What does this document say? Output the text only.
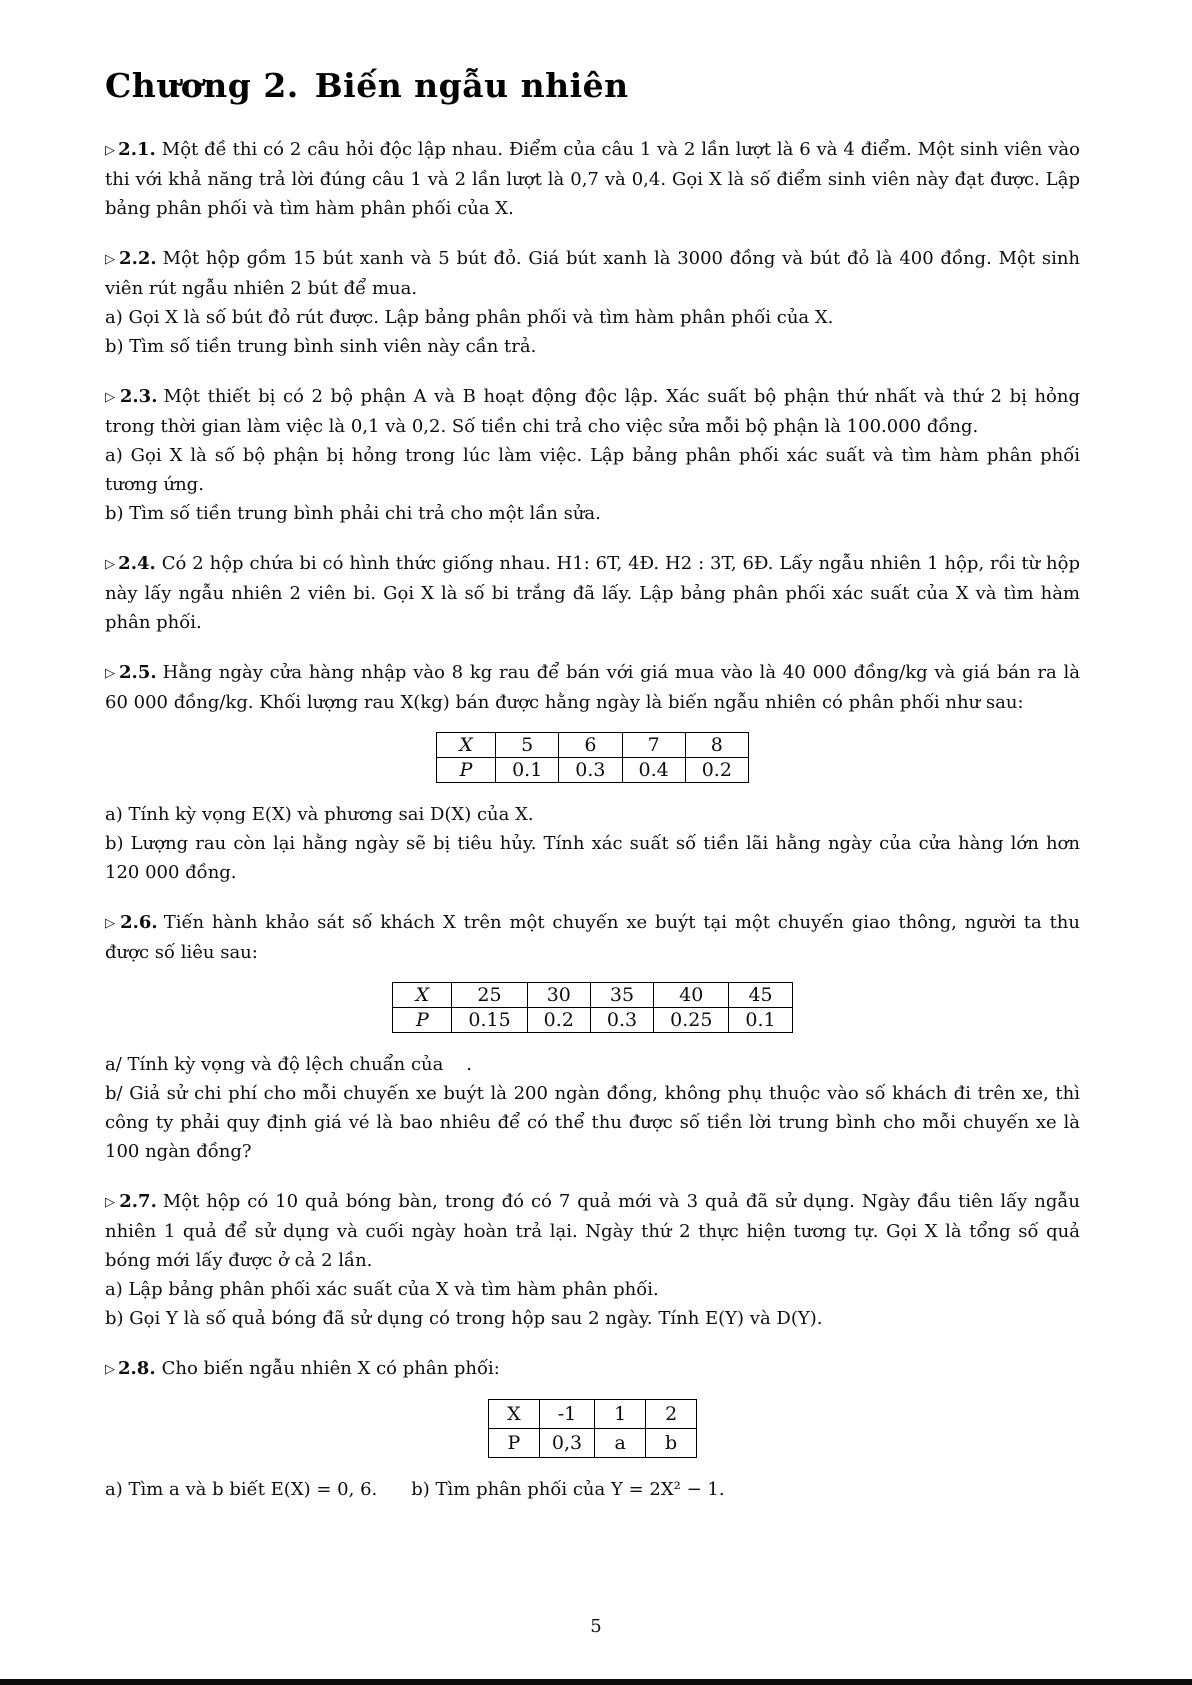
Chương 2. Biến ngẫu nhiên

▷ 2.1. Một đề thi có 2 câu hỏi độc lập nhau. Điểm của câu 1 và 2 lần lượt là 6 và 4 điểm. Một sinh viên vào thi với khả năng trả lời đúng câu 1 và 2 lần lượt là 0,7 và 0,4. Gọi X là số điểm sinh viên này đạt được. Lập bảng phân phối và tìm hàm phân phối của X.

▷ 2.2. Một hộp gồm 15 bút xanh và 5 bút đỏ. Giá bút xanh là 3000 đồng và bút đỏ là 400 đồng. Một sinh viên rút ngẫu nhiên 2 bút để mua.

a) Gọi X là số bút đỏ rút được. Lập bảng phân phối và tìm hàm phân phối của X.
b) Tìm số tiền trung bình sinh viên này cần trả.

▷ 2.3. Một thiết bị có 2 bộ phận A và B hoạt động độc lập. Xác suất bộ phận thứ nhất và thứ 2 bị hỏng trong thời gian làm việc là 0,1 và 0,2. Số tiền chi trả cho việc sửa mỗi bộ phận là 100.000 đồng.

a) Gọi X là số bộ phận bị hỏng trong lúc làm việc. Lập bảng phân phối xác suất và tìm hàm phân phối tương ứng.
b) Tìm số tiền trung bình phải chi trả cho một lần sửa.

▷ 2.4. Có 2 hộp chứa bi có hình thức giống nhau. H1: 6T, 4Đ. H2 : 3T, 6Đ. Lấy ngẫu nhiên 1 hộp, rồi từ hộp này lấy ngẫu nhiên 2 viên bi. Gọi X là số bi trắng đã lấy. Lập bảng phân phối xác suất của X và tìm hàm phân phối.

▷ 2.5. Hằng ngày cửa hàng nhập vào 8 kg rau để bán với giá mua vào là 40 000 đồng/kg và giá bán ra là 60 000 đồng/kg. Khối lượng rau X(kg) bán được hằng ngày là biến ngẫu nhiên có phân phối như sau:

X	5	6	7	8
P	0.1	0.3	0.4	0.2
a) Tính kỳ vọng E(X) và phương sai D(X) của X.
b) Lượng rau còn lại hằng ngày sẽ bị tiêu hủy. Tính xác suất số tiền lãi hằng ngày của cửa hàng lớn hơn 120 000 đồng.

▷ 2.6. Tiến hành khảo sát số khách X trên một chuyến xe buýt tại một chuyến giao thông, người ta thu được số liêu sau:

X	25	30	35	40	45
P	0.15	0.2	0.3	0.25	0.1
a/ Tính kỳ vọng và độ lệch chuẩn của    .
b/ Giả sử chi phí cho mỗi chuyến xe buýt là 200 ngàn đồng, không phụ thuộc vào số khách đi trên xe, thì công ty phải quy định giá vé là bao nhiêu để có thể thu được số tiền lời trung bình cho mỗi chuyến xe là 100 ngàn đồng?

▷ 2.7. Một hộp có 10 quả bóng bàn, trong đó có 7 quả mới và 3 quả đã sử dụng. Ngày đầu tiên lấy ngẫu nhiên 1 quả để sử dụng và cuối ngày hoàn trả lại. Ngày thứ 2 thực hiện tương tự. Gọi X là tổng số quả bóng mới lấy được ở cả 2 lần.

a) Lập bảng phân phối xác suất của X và tìm hàm phân phối.
b) Gọi Y là số quả bóng đã sử dụng có trong hộp sau 2 ngày. Tính E(Y) và D(Y).

▷ 2.8. Cho biến ngẫu nhiên X có phân phối:

X	-1	1	2
P	0,3	a	b
a) Tìm a và b biết E(X) = 0, 6. b) Tìm phân phối của Y = 2X² − 1.
5
